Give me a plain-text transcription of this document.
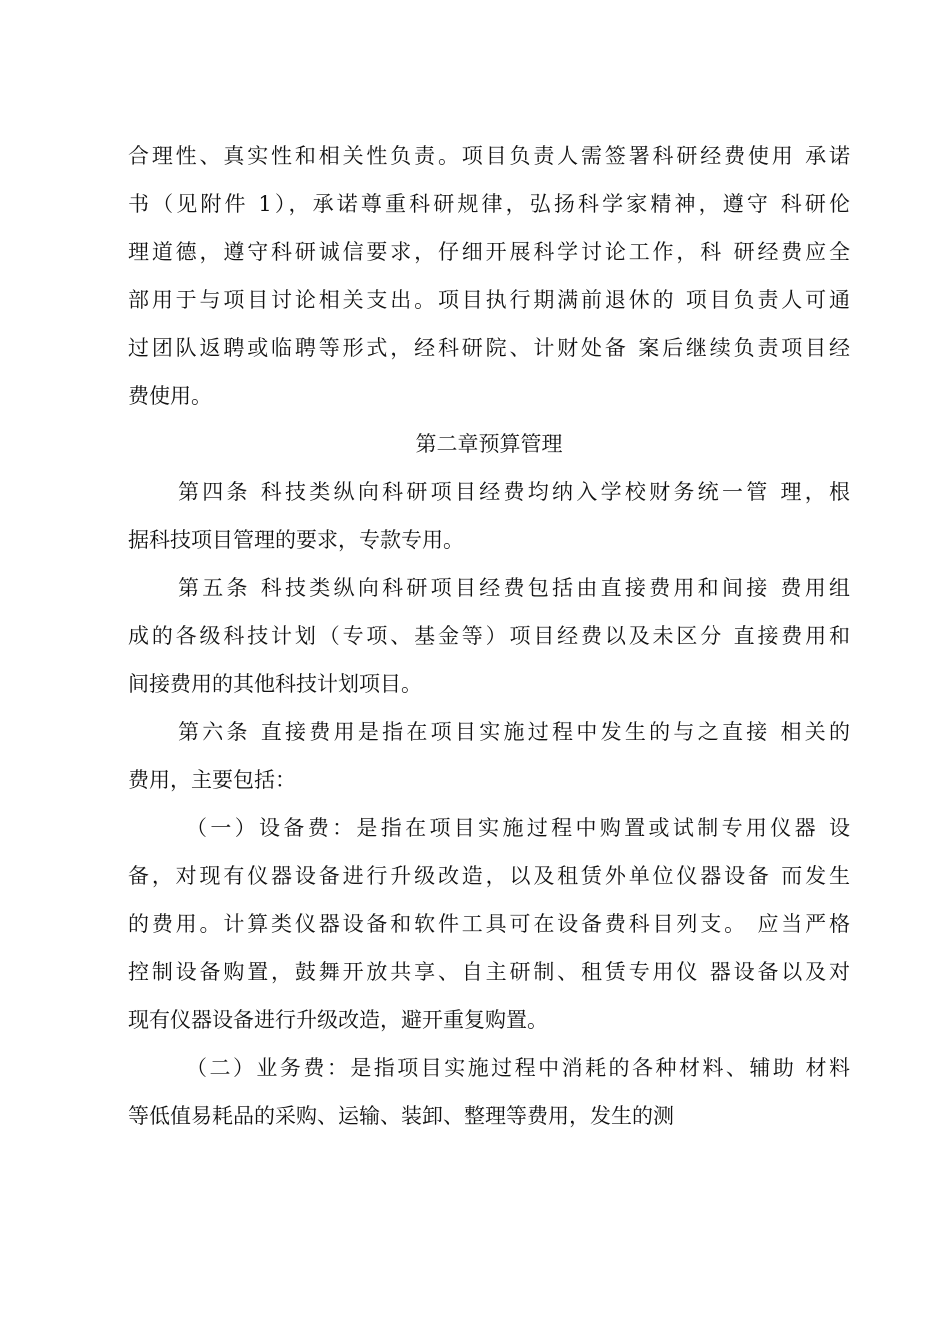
合理性、真实性和相关性负责。项目负责人需签署科研经费使用 承诺
书（见附件 1），承诺尊重科研规律，弘扬科学家精神，遵守 科研伦
理道德，遵守科研诚信要求，仔细开展科学讨论工作，科 研经费应全
部用于与项目讨论相关支出。项目执行期满前退休的 项目负责人可通
过团队返聘或临聘等形式，经科研院、计财处备 案后继续负责项目经
费使用。
第二章预算管理
第四条 科技类纵向科研项目经费均纳入学校财务统一管 理，根
据科技项目管理的要求，专款专用。
第五条 科技类纵向科研项目经费包括由直接费用和间接 费用组
成的各级科技计划（专项、基金等）项目经费以及未区分 直接费用和
间接费用的其他科技计划项目。
第六条 直接费用是指在项目实施过程中发生的与之直接 相关的
费用，主要包括：
（一）设备费：是指在项目实施过程中购置或试制专用仪器 设
备，对现有仪器设备进行升级改造，以及租赁外单位仪器设备 而发生
的费用。计算类仪器设备和软件工具可在设备费科目列支。 应当严格
控制设备购置，鼓舞开放共享、自主研制、租赁专用仪 器设备以及对
现有仪器设备进行升级改造，避开重复购置。
（二）业务费：是指项目实施过程中消耗的各种材料、辅助 材料
等低值易耗品的采购、运输、装卸、整理等费用，发生的测
